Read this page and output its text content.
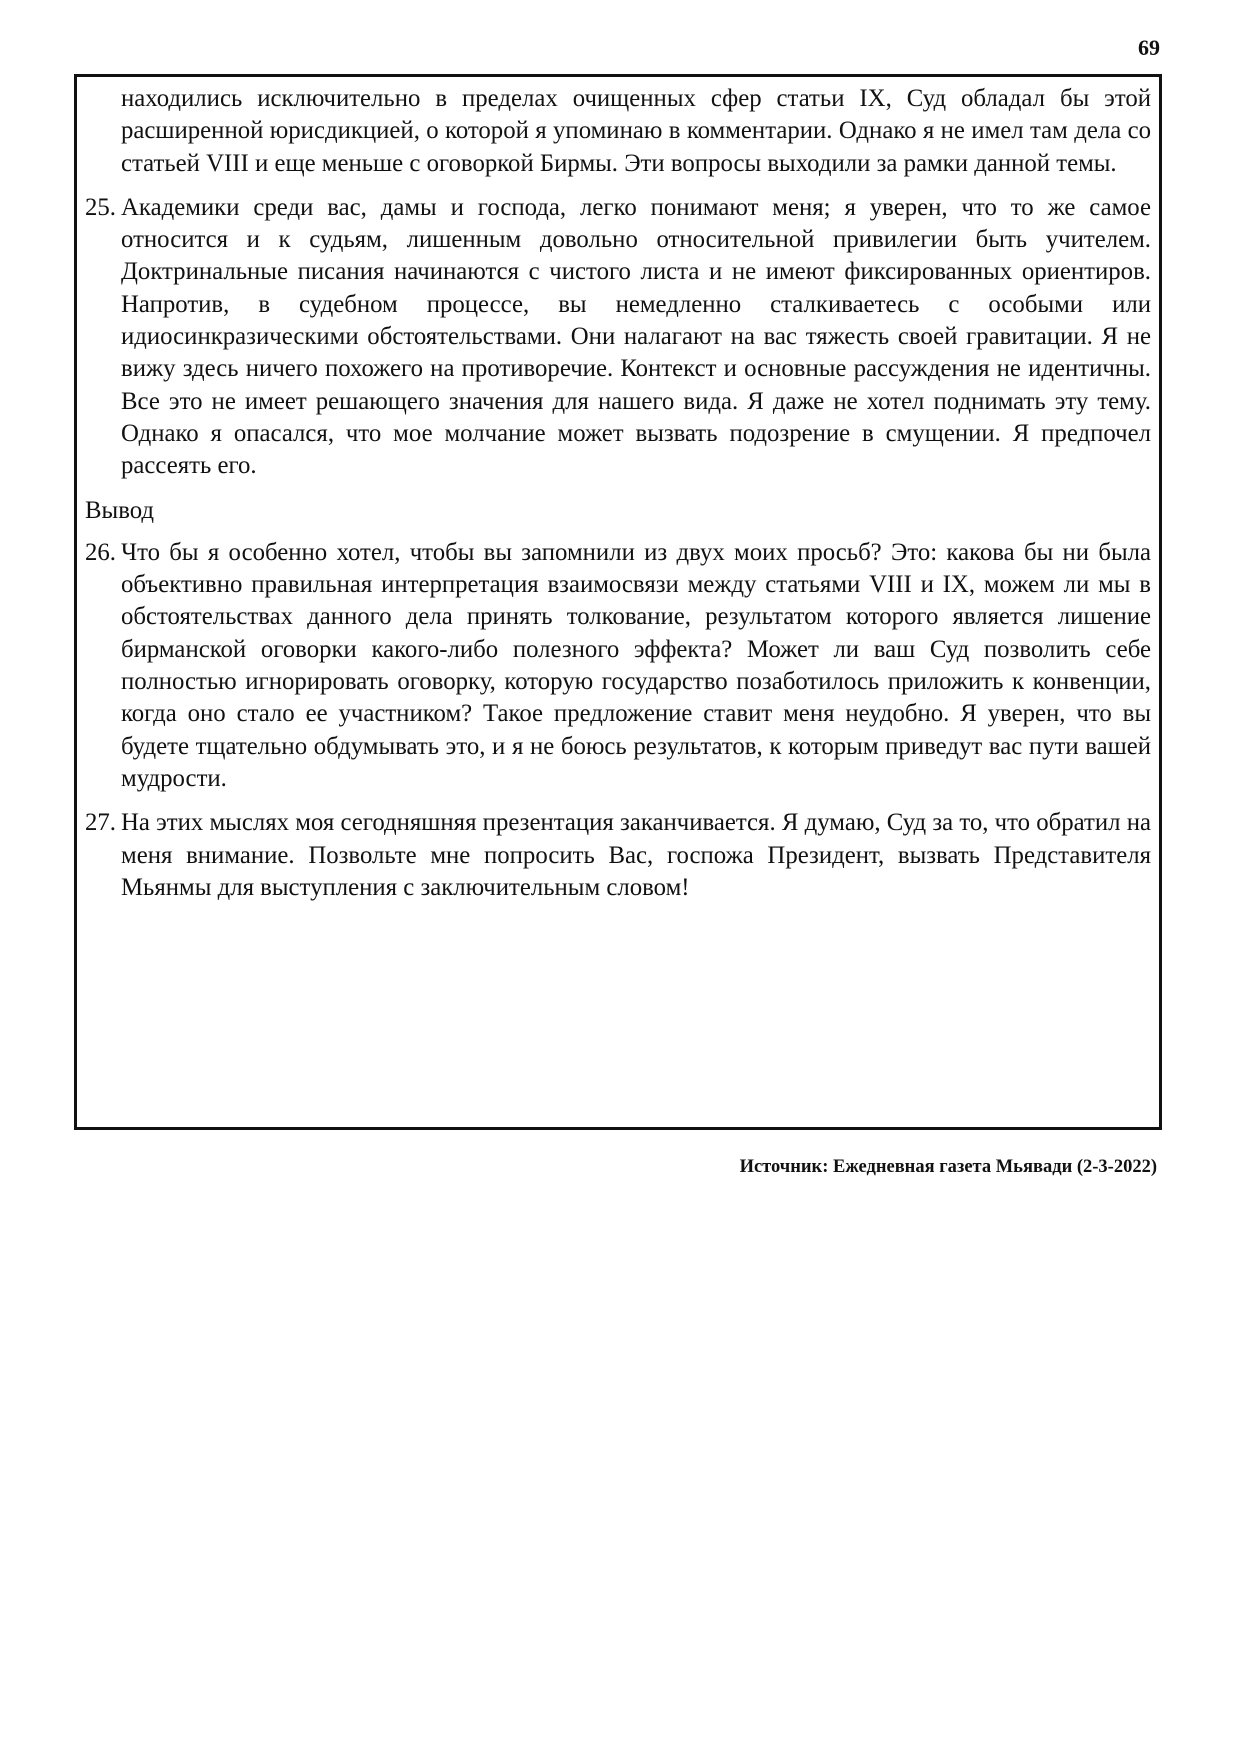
69

находились исключительно в пределах очищенных сфер статьи IX, Суд обладал бы этой расширенной юрисдикцией, о которой я упоминаю в комментарии. Однако я не имел там дела со статьей VIII и еще меньше с оговоркой Бирмы. Эти вопросы выходили за рамки данной темы.

25. Академики среди вас, дамы и господа, легко понимают меня; я уверен, что то же самое относится и к судьям, лишенным довольно относительной привилегии быть учителем. Доктринальные писания начинаются с чистого листа и не имеют фиксированных ориентиров. Напротив, в судебном процессе, вы немедленно сталкиваетесь с особыми или идиосинкразическими обстоятельствами. Они налагают на вас тяжесть своей гравитации. Я не вижу здесь ничего похожего на противоречие. Контекст и основные рассуждения не идентичны. Все это не имеет решающего значения для нашего вида. Я даже не хотел поднимать эту тему. Однако я опасался, что мое молчание может вызвать подозрение в смущении. Я предпочел рассеять его.
Вывод
26. Что бы я особенно хотел, чтобы вы запомнили из двух моих просьб? Это: какова бы ни была объективно правильная интерпретация взаимосвязи между статьями VIII и IX, можем ли мы в обстоятельствах данного дела принять толкование, результатом которого является лишение бирманской оговорки какого-либо полезного эффекта? Может ли ваш Суд позволить себе полностью игнорировать оговорку, которую государство позаботилось приложить к конвенции, когда оно стало ее участником? Такое предложение ставит меня неудобно. Я уверен, что вы будете тщательно обдумывать это, и я не боюсь результатов, к которым приведут вас пути вашей мудрости.
27. На этих мыслях моя сегодняшняя презентация заканчивается. Я думаю, Суд за то, что обратил на меня внимание. Позвольте мне попросить Вас, госпожа Президент, вызвать Представителя Мьянмы для выступления с заключительным словом!
Источник: Ежедневная газета Мьявади (2-3-2022)
